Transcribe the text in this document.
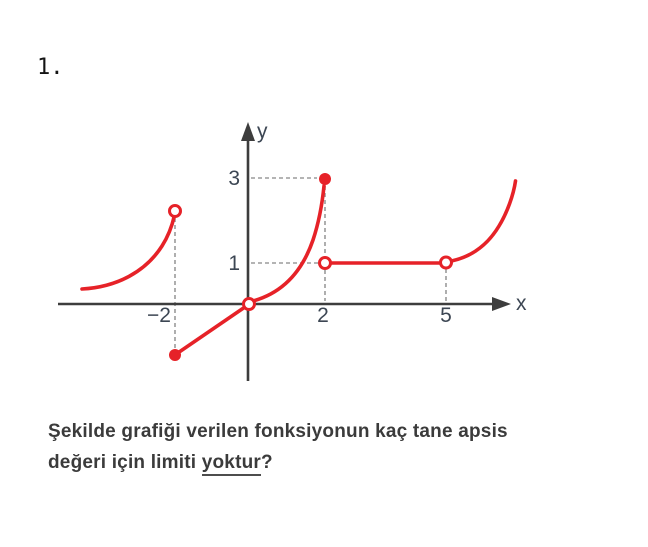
1.
3
1
−2	2	5
y
x
Şekilde grafiği verilen fonksiyonun kaç tane apsis
değeri için limiti yoktur?
